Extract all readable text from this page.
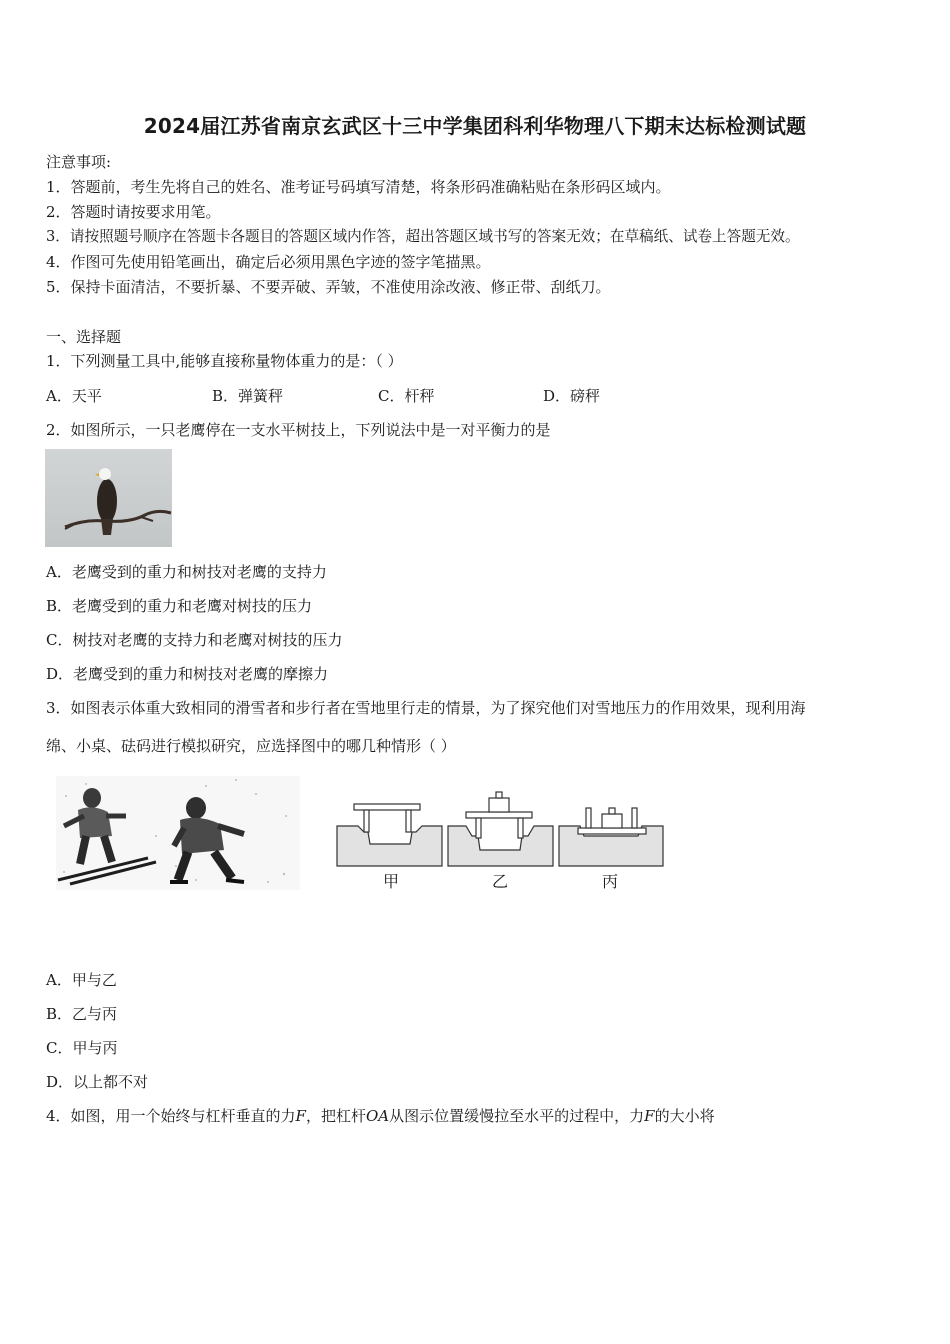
2024届江苏省南京玄武区十三中学集团科利华物理八下期末达标检测试题
注意事项:
1．答题前，考生先将自己的姓名、准考证号码填写清楚，将条形码准确粘贴在条形码区域内。
2．答题时请按要求用笔。
3．请按照题号顺序在答题卡各题目的答题区域内作答，超出答题区域书写的答案无效；在草稿纸、试卷上答题无效。
4．作图可先使用铅笔画出，确定后必须用黑色字迹的签字笔描黑。
5．保持卡面清洁，不要折暴、不要弄破、弄皱，不准使用涂改液、修正带、刮纸刀。
一、选择题
1．下列测量工具中,能够直接称量物体重力的是：（ ）
A．天平	B．弹簧秤	C．杆秤	D．磅秤
2．如图所示，一只老鹰停在一支水平树技上，下列说法中是一对平衡力的是
A．老鹰受到的重力和树技对老鹰的支持力
B．老鹰受到的重力和老鹰对树技的压力
C．树技对老鹰的支持力和老鹰对树技的压力
D．老鹰受到的重力和树技对老鹰的摩擦力
3．如图表示体重大致相同的滑雪者和步行者在雪地里行走的情景，为了探究他们对雪地压力的作用效果，现利用海
绵、小桌、砝码进行模拟研究，应选择图中的哪几种情形（ ）
甲	乙	丙
A．甲与乙
B．乙与丙
C．甲与丙
D．以上都不对
4．如图，用一个始终与杠杆垂直的力F，把杠杆OA从图示位置缓慢拉至水平的过程中，力F的大小将
